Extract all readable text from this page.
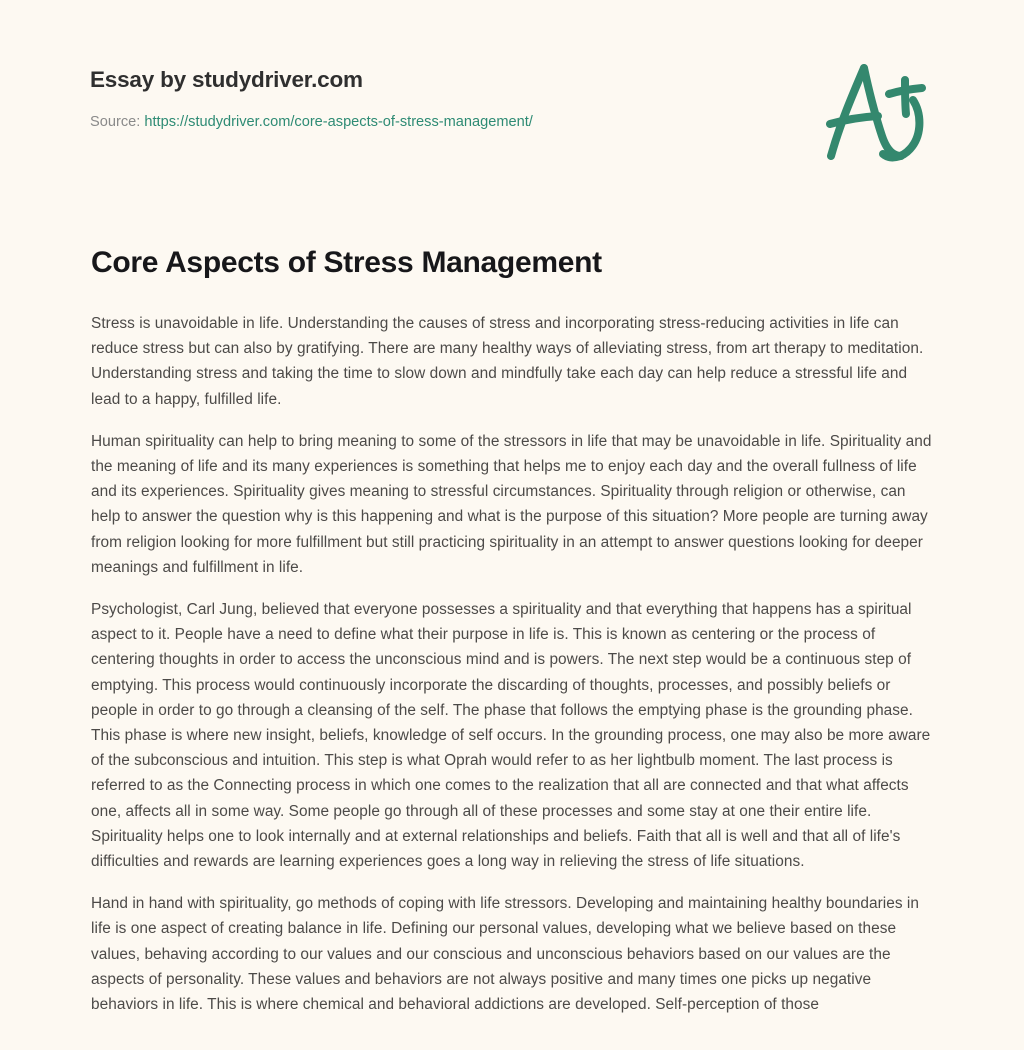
Essay by studydriver.com
Source: https://studydriver.com/core-aspects-of-stress-management/
Core Aspects of Stress Management

Stress is unavoidable in life. Understanding the causes of stress and incorporating stress-reducing activities in life can reduce stress but can also by gratifying. There are many healthy ways of alleviating stress, from art therapy to meditation. Understanding stress and taking the time to slow down and mindfully take each day can help reduce a stressful life and lead to a happy, fulfilled life.

Human spirituality can help to bring meaning to some of the stressors in life that may be unavoidable in life. Spirituality and the meaning of life and its many experiences is something that helps me to enjoy each day and the overall fullness of life and its experiences. Spirituality gives meaning to stressful circumstances. Spirituality through religion or otherwise, can help to answer the question why is this happening and what is the purpose of this situation? More people are turning away from religion looking for more fulfillment but still practicing spirituality in an attempt to answer questions looking for deeper meanings and fulfillment in life.

Psychologist, Carl Jung, believed that everyone possesses a spirituality and that everything that happens has a spiritual aspect to it. People have a need to define what their purpose in life is. This is known as centering or the process of centering thoughts in order to access the unconscious mind and is powers. The next step would be a continuous step of emptying. This process would continuously incorporate the discarding of thoughts, processes, and possibly beliefs or people in order to go through a cleansing of the self. The phase that follows the emptying phase is the grounding phase. This phase is where new insight, beliefs, knowledge of self occurs. In the grounding process, one may also be more aware of the subconscious and intuition. This step is what Oprah would refer to as her lightbulb moment. The last process is referred to as the Connecting process in which one comes to the realization that all are connected and that what affects one, affects all in some way. Some people go through all of these processes and some stay at one their entire life. Spirituality helps one to look internally and at external relationships and beliefs. Faith that all is well and that all of life's difficulties and rewards are learning experiences goes a long way in relieving the stress of life situations.

Hand in hand with spirituality, go methods of coping with life stressors. Developing and maintaining healthy boundaries in life is one aspect of creating balance in life. Defining our personal values, developing what we believe based on these values, behaving according to our values and our conscious and unconscious behaviors based on our values are the aspects of personality. These values and behaviors are not always positive and many times one picks up negative behaviors in life. This is where chemical and behavioral addictions are developed. Self-perception of those
